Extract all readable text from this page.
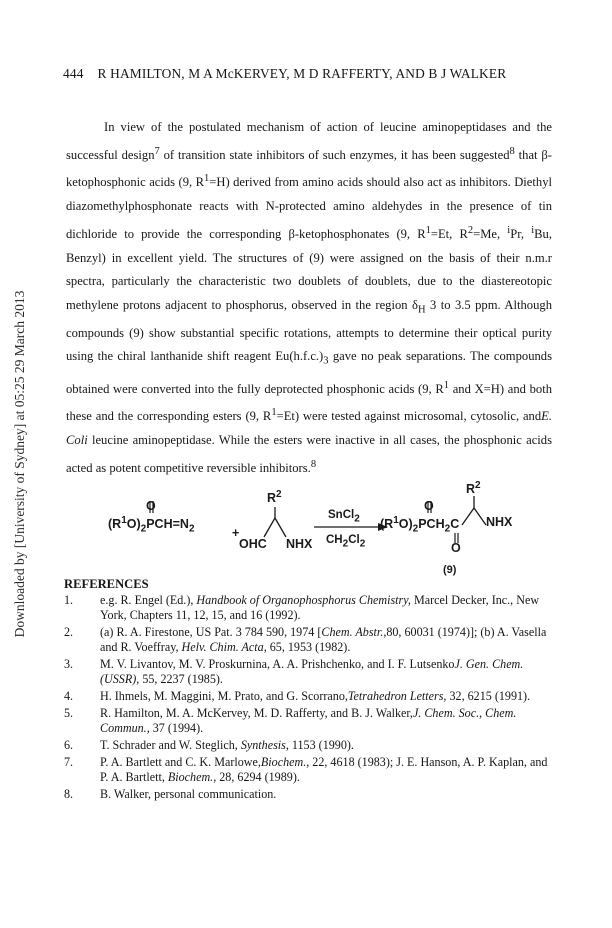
Downloaded by [University of Sydney] at 05:25 29 March 2013
444 R HAMILTON, M A McKERVEY, M D RAFFERTY, AND B J WALKER

In view of the postulated mechanism of action of leucine aminopeptidases and the successful design$^7$ of transition state inhibitors of such enzymes, it has been suggested$^8$ that β-ketophosphonic acids (9, $R^1=H$) derived from amino acids should also act as inhibitors. Diethyl diazomethylphosphonate reacts with N-protected amino aldehydes in the presence of tin dichloride to provide the corresponding β-ketophosphonates (9, $R^1=Et$, $R^2=Me$, $^i$Pr, $^i$Bu, Benzyl) in excellent yield. The structures of (9) were assigned on the basis of their n.m.r spectra, particularly the characteristic two doublets of doublets, due to the diastereotopic methylene protons adjacent to phosphorus, observed in the region $\delta_H$ 3 to 3.5 ppm. Although compounds (9) show substantial specific rotations, attempts to determine their optical purity using the chiral lanthanide shift reagent $Eu(h.f.c.)_3$ gave no peak separations. The compounds obtained were converted into the fully deprotected phosphonic acids (9, $R^1$ and X=H) and both these and the corresponding esters (9, $R^1=Et$) were tested against microsomal, cytosolic, andE. Coli leucine aminopeptidase. While the esters were inactive in all cases, the phosphonic acids acted as potent competitive reversible inhibitors.$^8$

O
$(R^1O)_2PCH=N_2$	+
$R^2$
OHC NHX
SnCl$_2$
$CH_2Cl_2$
O
$(R^1O)_2PCH_2C$ NHX
O
$R^2$
(9)
REFERENCES
1. e.g. R. Engel (Ed.), Handbook of Organophosphorus Chemistry, Marcel Decker, Inc., New York, Chapters 11, 12, 15, and 16 (1992).
2. (a) R. A. Firestone, US Pat. 3 784 590, 1974 [Chem. Abstr.,80, 60031 (1974)]; (b) A. Vasella and R. Voeffray, Helv. Chim. Acta, 65, 1953 (1982).
3. M. V. Livantov, M. V. Proskurnina, A. A. Prishchenko, and I. F. LutsenkoJ. Gen. Chem. (USSR), 55, 2237 (1985).
4. H. Ihmels, M. Maggini, M. Prato, and G. Scorrano,Tetrahedron Letters, 32, 6215 (1991).
5. R. Hamilton, M. A. McKervey, M. D. Rafferty, and B. J. Walker,J. Chem. Soc., Chem. Commun., 37 (1994).
6. T. Schrader and W. Steglich, Synthesis, 1153 (1990).
7. P. A. Bartlett and C. K. Marlowe,Biochem., 22, 4618 (1983); J. E. Hanson, A. P. Kaplan, and P. A. Bartlett, Biochem., 28, 6294 (1989).
8. B. Walker, personal communication.
